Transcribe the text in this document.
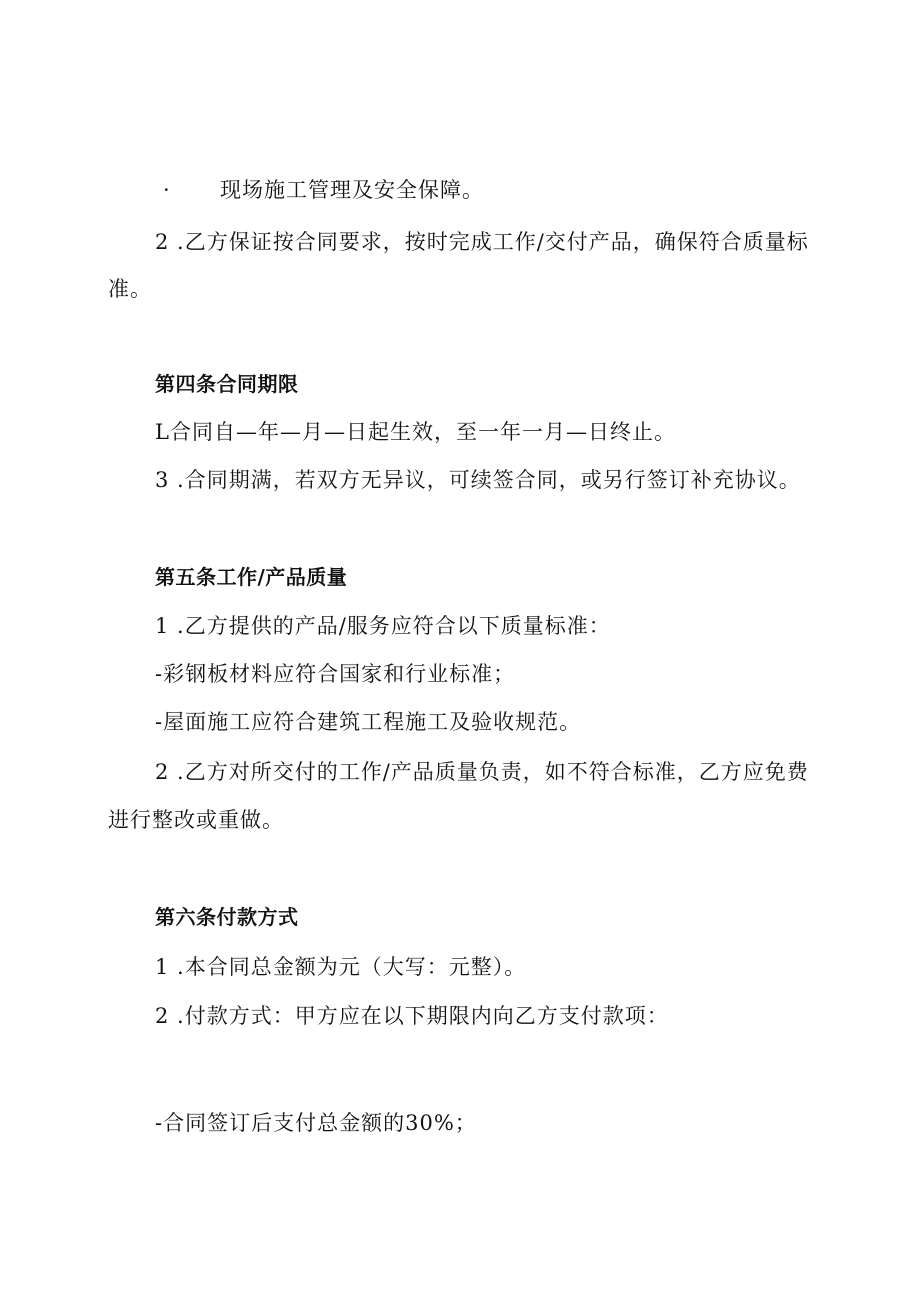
· 现场施工管理及安全保障。
2 .乙方保证按合同要求，按时完成工作/交付产品，确保符合质量标
准。
第四条合同期限
L合同自—年—月—日起生效，至一年一月—日终止。
3 .合同期满，若双方无异议，可续签合同，或另行签订补充协议。
第五条工作/产品质量
1 .乙方提供的产品/服务应符合以下质量标准：
-彩钢板材料应符合国家和行业标准；
-屋面施工应符合建筑工程施工及验收规范。
2 .乙方对所交付的工作/产品质量负责，如不符合标准，乙方应免费
进行整改或重做。
第六条付款方式
1 .本合同总金额为元（大写：元整）。
2 .付款方式：甲方应在以下期限内向乙方支付款项：
-合同签订后支付总金额的30%；
